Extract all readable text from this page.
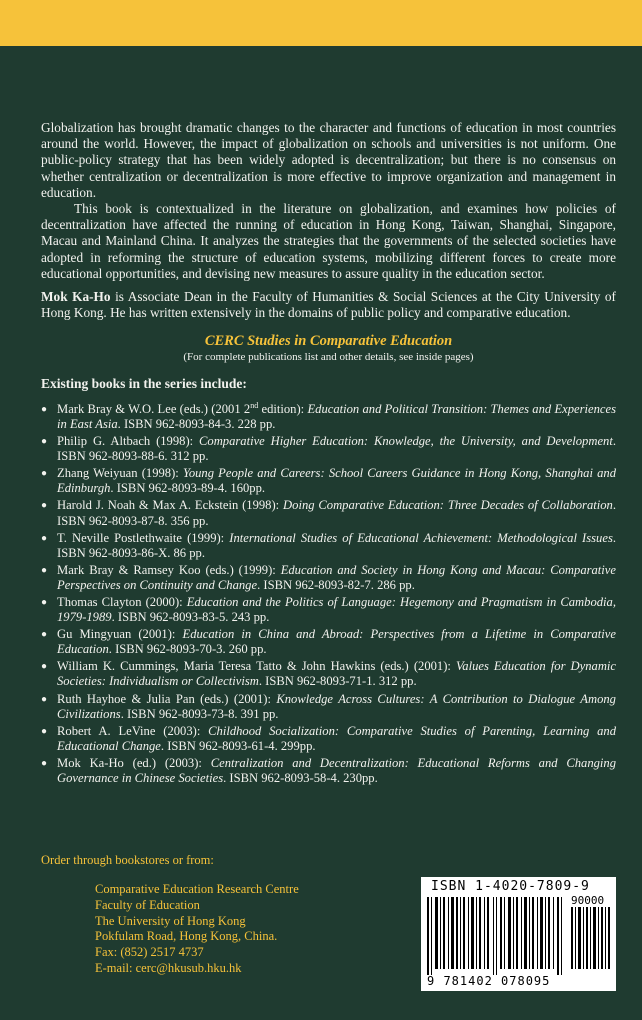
Globalization has brought dramatic changes to the character and functions of education in most countries around the world. However, the impact of globalization on schools and universities is not uniform. One public-policy strategy that has been widely adopted is decentralization; but there is no consensus on whether centralization or decentralization is more effective to improve organization and management in education.

This book is contextualized in the literature on globalization, and examines how policies of decentralization have affected the running of education in Hong Kong, Taiwan, Shanghai, Singapore, Macau and Mainland China. It analyzes the strategies that the governments of the selected societies have adopted in reforming the structure of education systems, mobilizing different forces to create more educational opportunities, and devising new measures to assure quality in the education sector.

Mok Ka-Ho is Associate Dean in the Faculty of Humanities & Social Sciences at the City University of Hong Kong. He has written extensively in the domains of public policy and comparative education.

CERC Studies in Comparative Education
(For complete publications list and other details, see inside pages)
Existing books in the series include:
● Mark Bray & W.O. Lee (eds.) (2001 2nd edition): Education and Political Transition: Themes and Experiences in East Asia. ISBN 962-8093-84-3. 228 pp.
● Philip G. Altbach (1998): Comparative Higher Education: Knowledge, the University, and Development. ISBN 962-8093-88-6. 312 pp.
● Zhang Weiyuan (1998): Young People and Careers: School Careers Guidance in Hong Kong, Shanghai and Edinburgh. ISBN 962-8093-89-4. 160pp.
● Harold J. Noah & Max A. Eckstein (1998): Doing Comparative Education: Three Decades of Collaboration. ISBN 962-8093-87-8. 356 pp.
● T. Neville Postlethwaite (1999): International Studies of Educational Achievement: Methodological Issues. ISBN 962-8093-86-X. 86 pp.
● Mark Bray & Ramsey Koo (eds.) (1999): Education and Society in Hong Kong and Macau: Comparative Perspectives on Continuity and Change. ISBN 962-8093-82-7. 286 pp.
● Thomas Clayton (2000): Education and the Politics of Language: Hegemony and Pragmatism in Cambodia, 1979-1989. ISBN 962-8093-83-5. 243 pp.
● Gu Mingyuan (2001): Education in China and Abroad: Perspectives from a Lifetime in Comparative Education. ISBN 962-8093-70-3. 260 pp.
● William K. Cummings, Maria Teresa Tatto & John Hawkins (eds.) (2001): Values Education for Dynamic Societies: Individualism or Collectivism. ISBN 962-8093-71-1. 312 pp.
● Ruth Hayhoe & Julia Pan (eds.) (2001): Knowledge Across Cultures: A Contribution to Dialogue Among Civilizations. ISBN 962-8093-73-8. 391 pp.
● Robert A. LeVine (2003): Childhood Socialization: Comparative Studies of Parenting, Learning and Educational Change. ISBN 962-8093-61-4. 299pp.
● Mok Ka-Ho (ed.) (2003): Centralization and Decentralization: Educational Reforms and Changing Governance in Chinese Societies. ISBN 962-8093-58-4. 230pp.
Order through bookstores or from:
Comparative Education Research Centre
Faculty of Education
The University of Hong Kong
Pokfulam Road, Hong Kong, China.
Fax: (852) 2517 4737
E-mail: cerc@hkusub.hku.hk
ISBN 1-4020-7809-9
90000
9 781402 078095
